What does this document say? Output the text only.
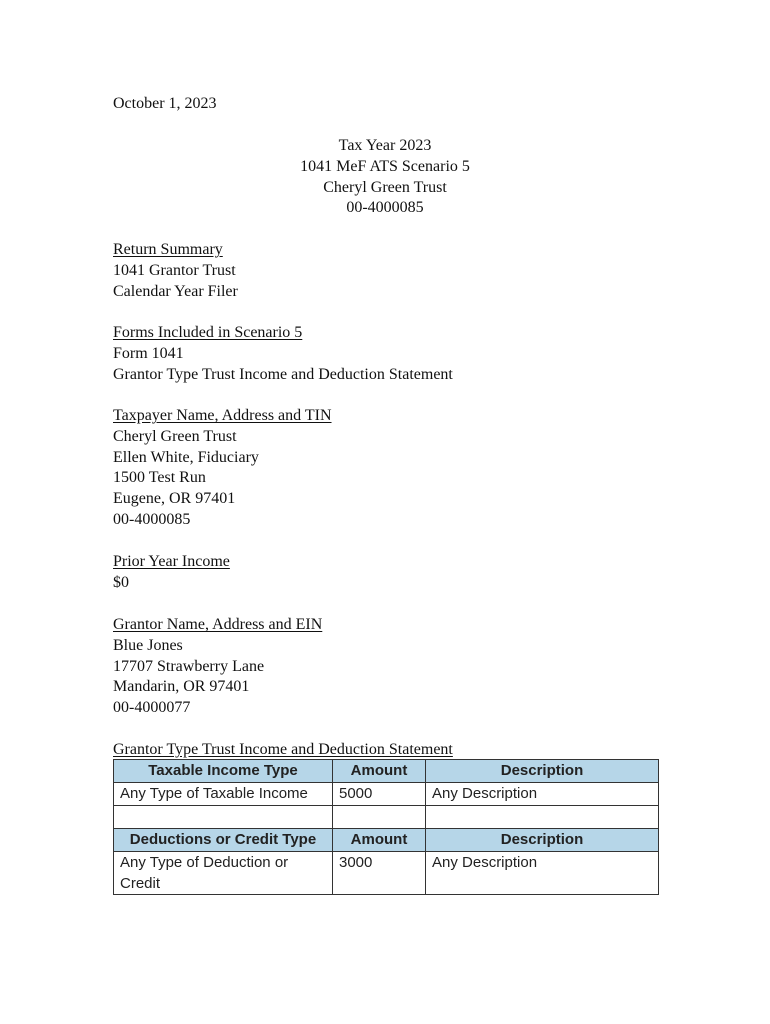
October 1, 2023
Tax Year 2023
1041 MeF ATS Scenario 5
Cheryl Green Trust
00-4000085
Return Summary
1041 Grantor Trust
Calendar Year Filer
Forms Included in Scenario 5
Form 1041
Grantor Type Trust Income and Deduction Statement
Taxpayer Name, Address and TIN
Cheryl Green Trust
Ellen White, Fiduciary
1500 Test Run
Eugene, OR 97401
00-4000085
Prior Year Income
$0
Grantor Name, Address and EIN
Blue Jones
17707 Strawberry Lane
Mandarin, OR 97401
00-4000077
Grantor Type Trust Income and Deduction Statement
Taxable Income Type	Amount	Description
Any Type of Taxable Income	5000	Any Description

Deductions or Credit Type	Amount	Description
Any Type of Deduction or Credit	3000	Any Description
